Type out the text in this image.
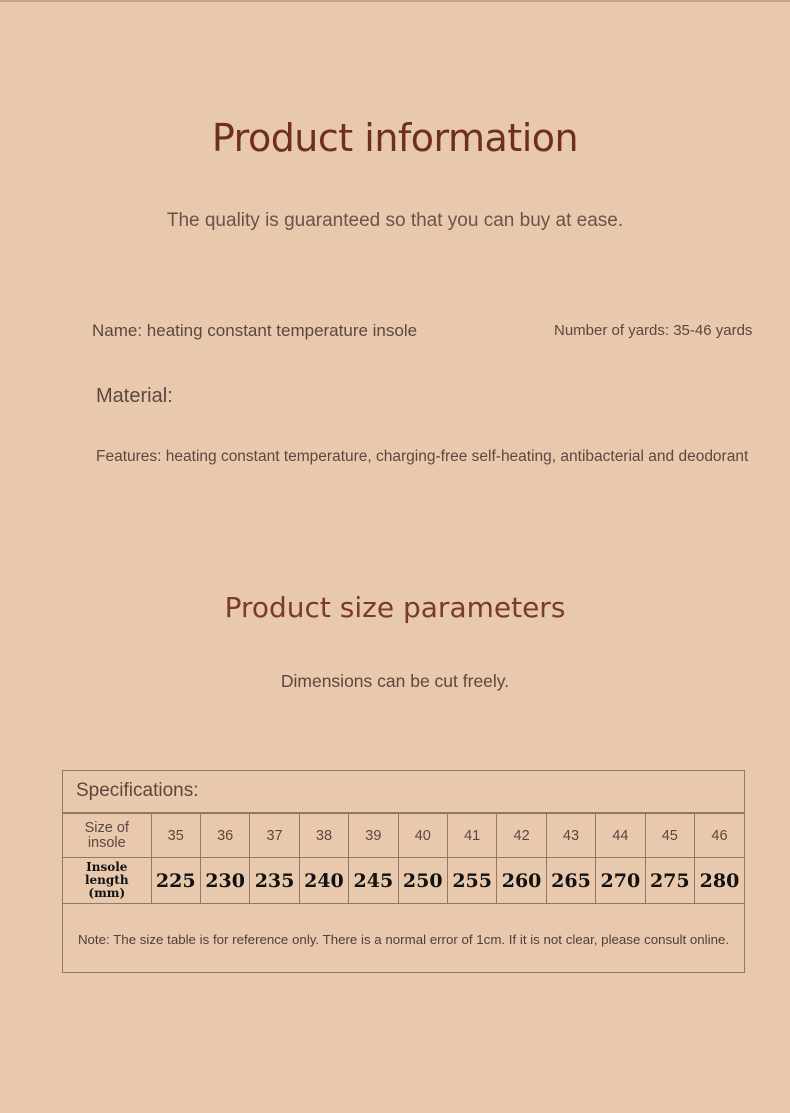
Product information
The quality is guaranteed so that you can buy at ease.
Name: heating constant temperature insole	Number of yards: 35-46 yards
Material:
Features: heating constant temperature, charging-free self-heating, antibacterial and deodorant
Product size parameters
Dimensions can be cut freely.
Specifications:
Size of
insole	35	36	37	38	39	40	41	42	43	44	45	46
Insole length
(mm)	225	230	235	240	245	250	255	260	265	270	275	280
Note: The size table is for reference only. There is a normal error of 1cm. If it is not clear, please consult online.
